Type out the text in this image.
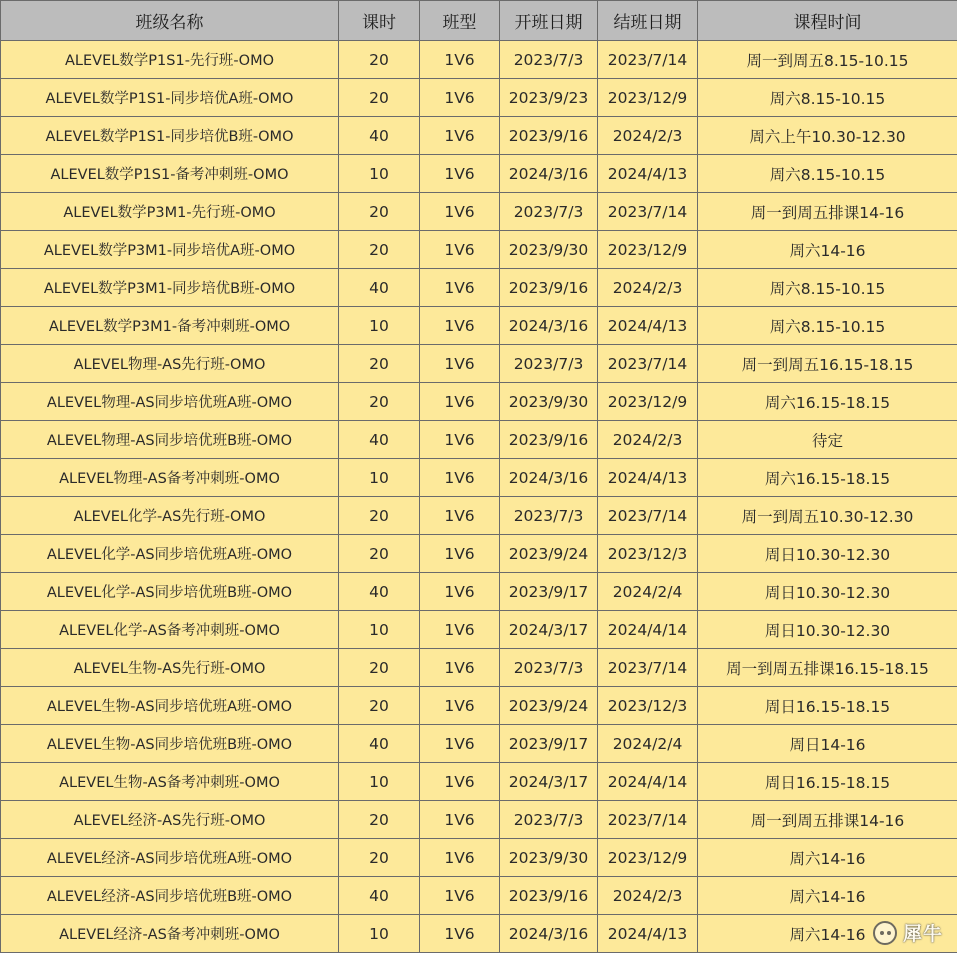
班级名称	课时	班型	开班日期	结班日期	课程时间
ALEVEL数学P1S1-先行班-OMO	20	1V6	2023/7/3	2023/7/14	周一到周五8.15-10.15
ALEVEL数学P1S1-同步培优A班-OMO	20	1V6	2023/9/23	2023/12/9	周六8.15-10.15
ALEVEL数学P1S1-同步培优B班-OMO	40	1V6	2023/9/16	2024/2/3	周六上午10.30-12.30
ALEVEL数学P1S1-备考冲刺班-OMO	10	1V6	2024/3/16	2024/4/13	周六8.15-10.15
ALEVEL数学P3M1-先行班-OMO	20	1V6	2023/7/3	2023/7/14	周一到周五排课14-16
ALEVEL数学P3M1-同步培优A班-OMO	20	1V6	2023/9/30	2023/12/9	周六14-16
ALEVEL数学P3M1-同步培优B班-OMO	40	1V6	2023/9/16	2024/2/3	周六8.15-10.15
ALEVEL数学P3M1-备考冲刺班-OMO	10	1V6	2024/3/16	2024/4/13	周六8.15-10.15
ALEVEL物理-AS先行班-OMO	20	1V6	2023/7/3	2023/7/14	周一到周五16.15-18.15
ALEVEL物理-AS同步培优班A班-OMO	20	1V6	2023/9/30	2023/12/9	周六16.15-18.15
ALEVEL物理-AS同步培优班B班-OMO	40	1V6	2023/9/16	2024/2/3	待定
ALEVEL物理-AS备考冲刺班-OMO	10	1V6	2024/3/16	2024/4/13	周六16.15-18.15
ALEVEL化学-AS先行班-OMO	20	1V6	2023/7/3	2023/7/14	周一到周五10.30-12.30
ALEVEL化学-AS同步培优班A班-OMO	20	1V6	2023/9/24	2023/12/3	周日10.30-12.30
ALEVEL化学-AS同步培优班B班-OMO	40	1V6	2023/9/17	2024/2/4	周日10.30-12.30
ALEVEL化学-AS备考冲刺班-OMO	10	1V6	2024/3/17	2024/4/14	周日10.30-12.30
ALEVEL生物-AS先行班-OMO	20	1V6	2023/7/3	2023/7/14	周一到周五排课16.15-18.15
ALEVEL生物-AS同步培优班A班-OMO	20	1V6	2023/9/24	2023/12/3	周日16.15-18.15
ALEVEL生物-AS同步培优班B班-OMO	40	1V6	2023/9/17	2024/2/4	周日14-16
ALEVEL生物-AS备考冲刺班-OMO	10	1V6	2024/3/17	2024/4/14	周日16.15-18.15
ALEVEL经济-AS先行班-OMO	20	1V6	2023/7/3	2023/7/14	周一到周五排课14-16
ALEVEL经济-AS同步培优班A班-OMO	20	1V6	2023/9/30	2023/12/9	周六14-16
ALEVEL经济-AS同步培优班B班-OMO	40	1V6	2023/9/16	2024/2/3	周六14-16
ALEVEL经济-AS备考冲刺班-OMO	10	1V6	2024/3/16	2024/4/13	周六14-16 犀牛
